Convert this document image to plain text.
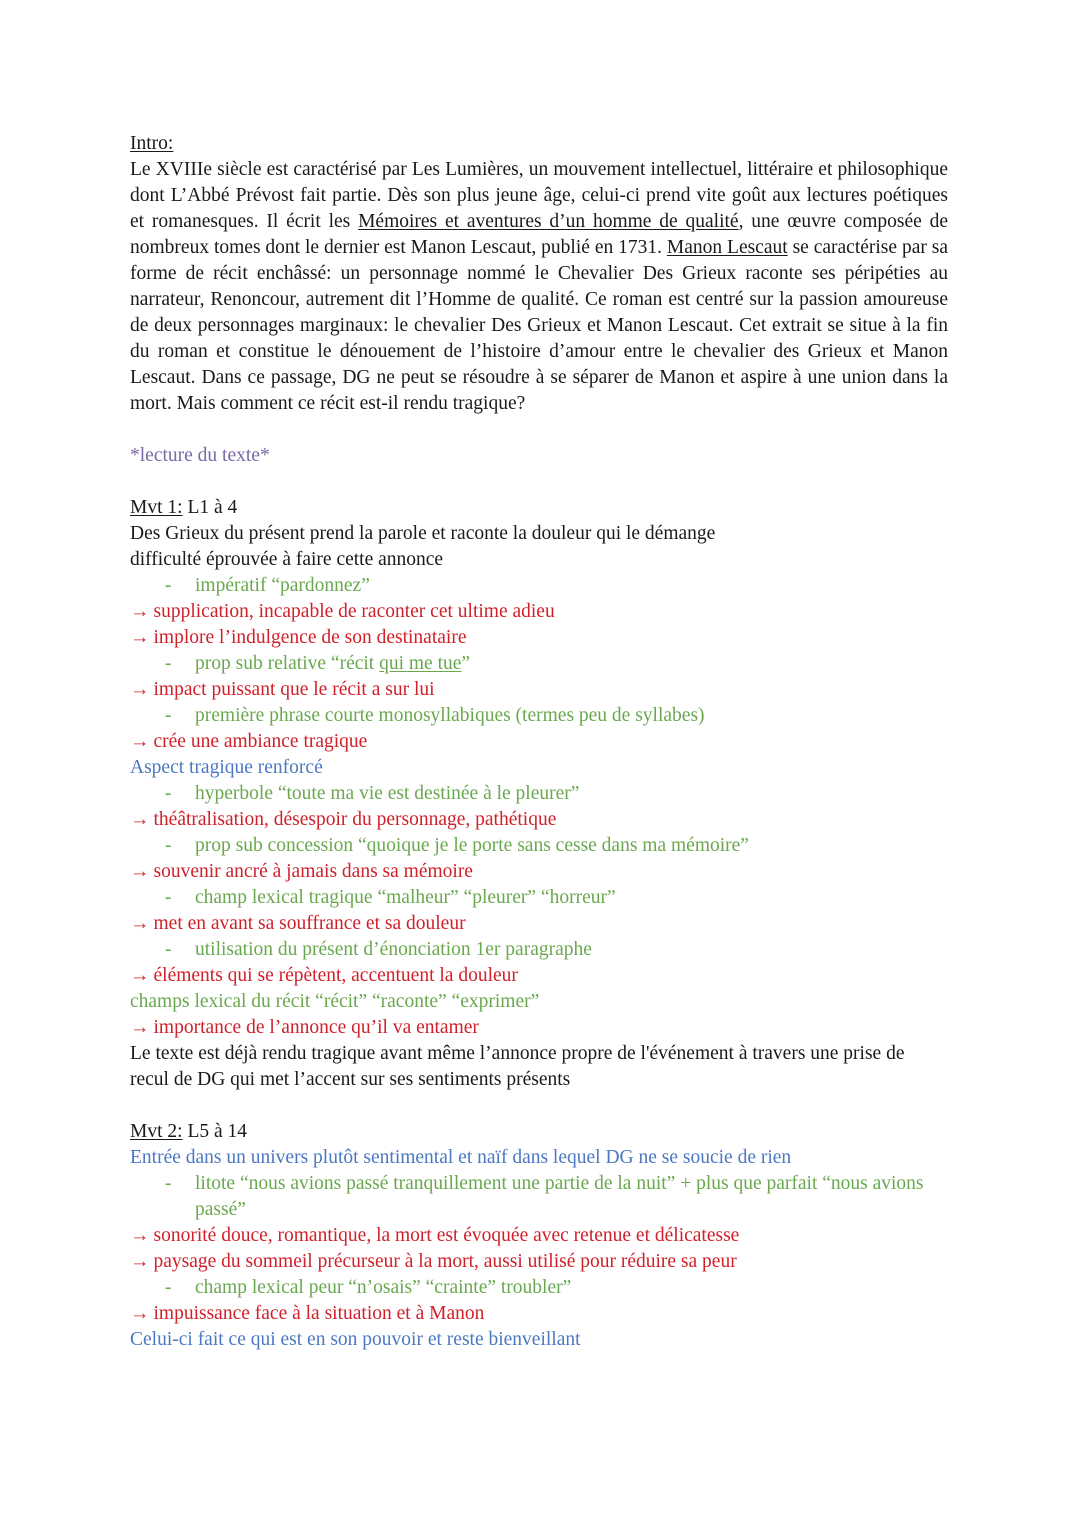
Intro:

Le XVIIIe siècle est caractérisé par Les Lumières, un mouvement intellectuel, littéraire et philosophique dont L’Abbé Prévost fait partie. Dès son plus jeune âge, celui-ci prend vite goût aux lectures poétiques et romanesques. Il écrit les Mémoires et aventures d’un homme de qualité, une œuvre composée de nombreux tomes dont le dernier est Manon Lescaut, publié en 1731. Manon Lescaut se caractérise par sa forme de récit enchâssé: un personnage nommé le Chevalier Des Grieux raconte ses péripéties au narrateur, Renoncour, autrement dit l’Homme de qualité. Ce roman est centré sur la passion amoureuse de deux personnages marginaux: le chevalier Des Grieux et Manon Lescaut. Cet extrait se situe à la fin du roman et constitue le dénouement de l’histoire d’amour entre le chevalier des Grieux et Manon Lescaut. Dans ce passage, DG ne peut se résoudre à se séparer de Manon et aspire à une union dans la mort. Mais comment ce récit est-il rendu tragique?

*lecture du texte*

Mvt 1: L1 à 4

Des Grieux du présent prend la parole et raconte la douleur qui le démange

difficulté éprouvée à faire cette annonce

- impératif “pardonnez”

→ supplication, incapable de raconter cet ultime adieu

→ implore l’indulgence de son destinataire

- prop sub relative “récit qui me tue”

→ impact puissant que le récit a sur lui

- première phrase courte monosyllabiques (termes peu de syllabes)

→ crée une ambiance tragique

Aspect tragique renforcé

- hyperbole “toute ma vie est destinée à le pleurer”

→ théâtralisation, désespoir du personnage, pathétique

- prop sub concession “quoique je le porte sans cesse dans ma mémoire”

→ souvenir ancré à jamais dans sa mémoire

- champ lexical tragique “malheur” “pleurer” “horreur”

→ met en avant sa souffrance et sa douleur

- utilisation du présent d’énonciation 1er paragraphe

→ éléments qui se répètent, accentuent la douleur

champs lexical du récit “récit” “raconte” “exprimer”

→ importance de l’annonce qu’il va entamer

Le texte est déjà rendu tragique avant même l’annonce propre de l'événement à travers une prise de recul de DG qui met l’accent sur ses sentiments présents

Mvt 2: L5 à 14

Entrée dans un univers plutôt sentimental et naïf dans lequel DG ne se soucie de rien

- litote “nous avions passé tranquillement une partie de la nuit” + plus que parfait “nous avions passé”

→ sonorité douce, romantique, la mort est évoquée avec retenue et délicatesse

→ paysage du sommeil précurseur à la mort, aussi utilisé pour réduire sa peur

- champ lexical peur “n’osais” “crainte” troubler”

→ impuissance face à la situation et à Manon

Celui-ci fait ce qui est en son pouvoir et reste bienveillant
